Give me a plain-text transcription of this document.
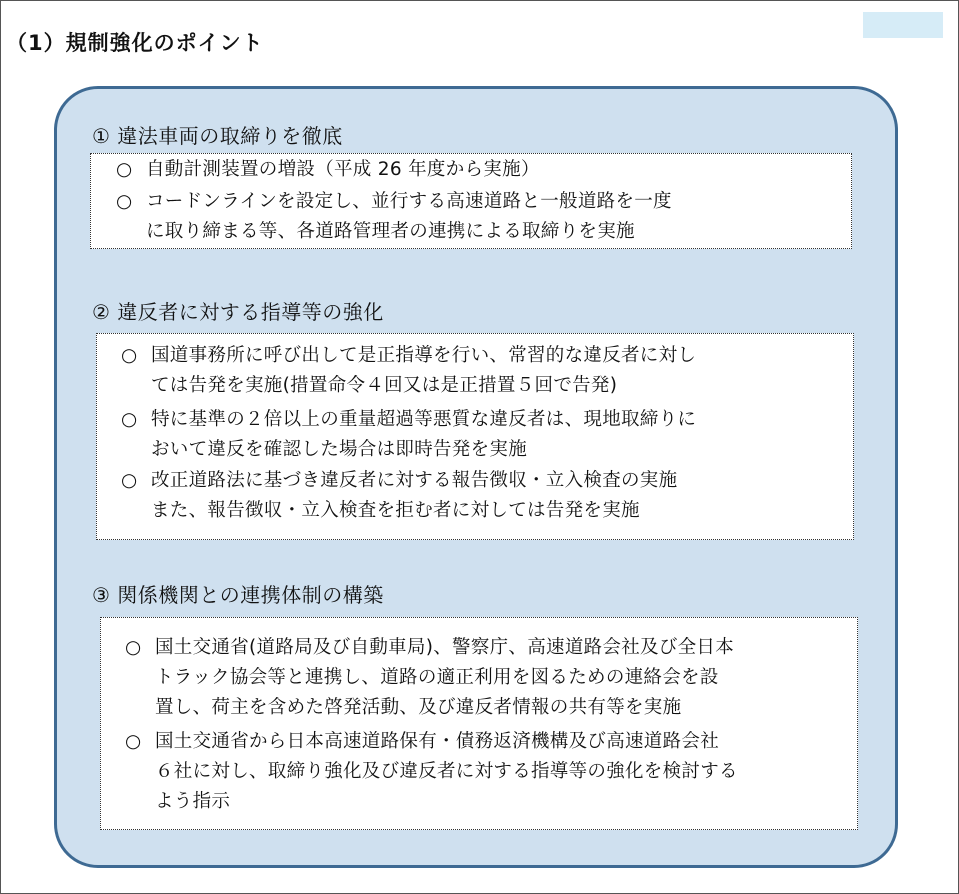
（1）規制強化のポイント
① 違法車両の取締りを徹底
○ 自動計測装置の増設（平成 26 年度から実施）
○ コードンラインを設定し、並行する高速道路と一般道路を一度
に取り締まる等、各道路管理者の連携による取締りを実施
② 違反者に対する指導等の強化
○ 国道事務所に呼び出して是正指導を行い、常習的な違反者に対し
ては告発を実施(措置命令４回又は是正措置５回で告発)
○ 特に基準の２倍以上の重量超過等悪質な違反者は、現地取締りに
おいて違反を確認した場合は即時告発を実施
○ 改正道路法に基づき違反者に対する報告徴収・立入検査の実施
また、報告徴収・立入検査を拒む者に対しては告発を実施
③ 関係機関との連携体制の構築
○ 国土交通省(道路局及び自動車局)、警察庁、高速道路会社及び全日本
トラック協会等と連携し、道路の適正利用を図るための連絡会を設
置し、荷主を含めた啓発活動、及び違反者情報の共有等を実施
○ 国土交通省から日本高速道路保有・債務返済機構及び高速道路会社
６社に対し、取締り強化及び違反者に対する指導等の強化を検討する
よう指示
